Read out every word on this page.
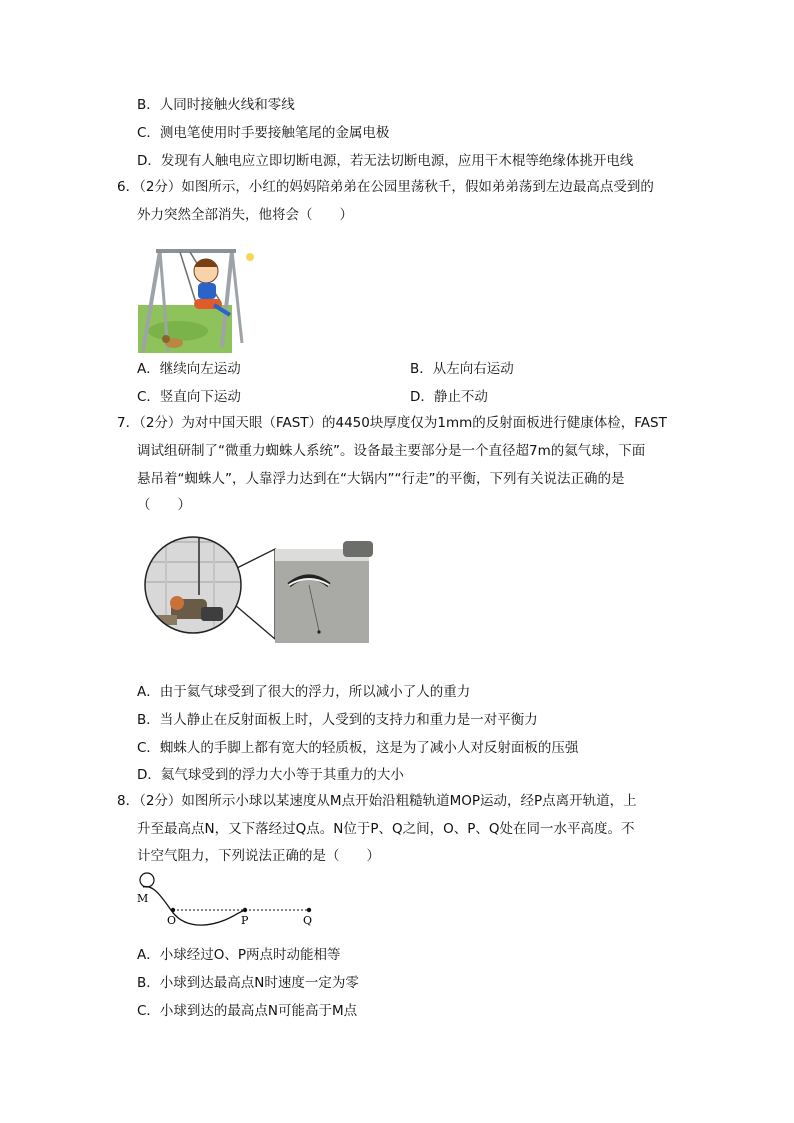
B．人同时接触火线和零线
C．测电笔使用时手要接触笔尾的金属电极
D．发现有人触电应立即切断电源，若无法切断电源，应用干木棍等绝缘体挑开电线
6．（2分）如图所示，小红的妈妈陪弟弟在公园里荡秋千，假如弟弟荡到左边最高点受到的
外力突然全部消失，他将会（　　）
A．继续向左运动	B．从左向右运动
C．竖直向下运动	D．静止不动
7．（2分）为对中国天眼（FAST）的4450块厚度仅为1mm的反射面板进行健康体检，FAST
调试组研制了“微重力蜘蛛人系统”。设备最主要部分是一个直径超7m的氦气球，下面
悬吊着“蜘蛛人”，人靠浮力达到在“大锅内”“行走”的平衡，下列有关说法正确的是
（　　）
A．由于氦气球受到了很大的浮力，所以减小了人的重力
B．当人静止在反射面板上时，人受到的支持力和重力是一对平衡力
C．蜘蛛人的手脚上都有宽大的轻质板，这是为了减小人对反射面板的压强
D．氦气球受到的浮力大小等于其重力的大小
8．（2分）如图所示小球以某速度从M点开始沿粗糙轨道MOP运动，经P点离开轨道，上
升至最高点N，又下落经过Q点。N位于P、Q之间，O、P、Q处在同一水平高度。不
计空气阻力，下列说法正确的是（　　）
M
O	P	Q
A．小球经过O、P两点时动能相等
B．小球到达最高点N时速度一定为零
C．小球到达的最高点N可能高于M点
